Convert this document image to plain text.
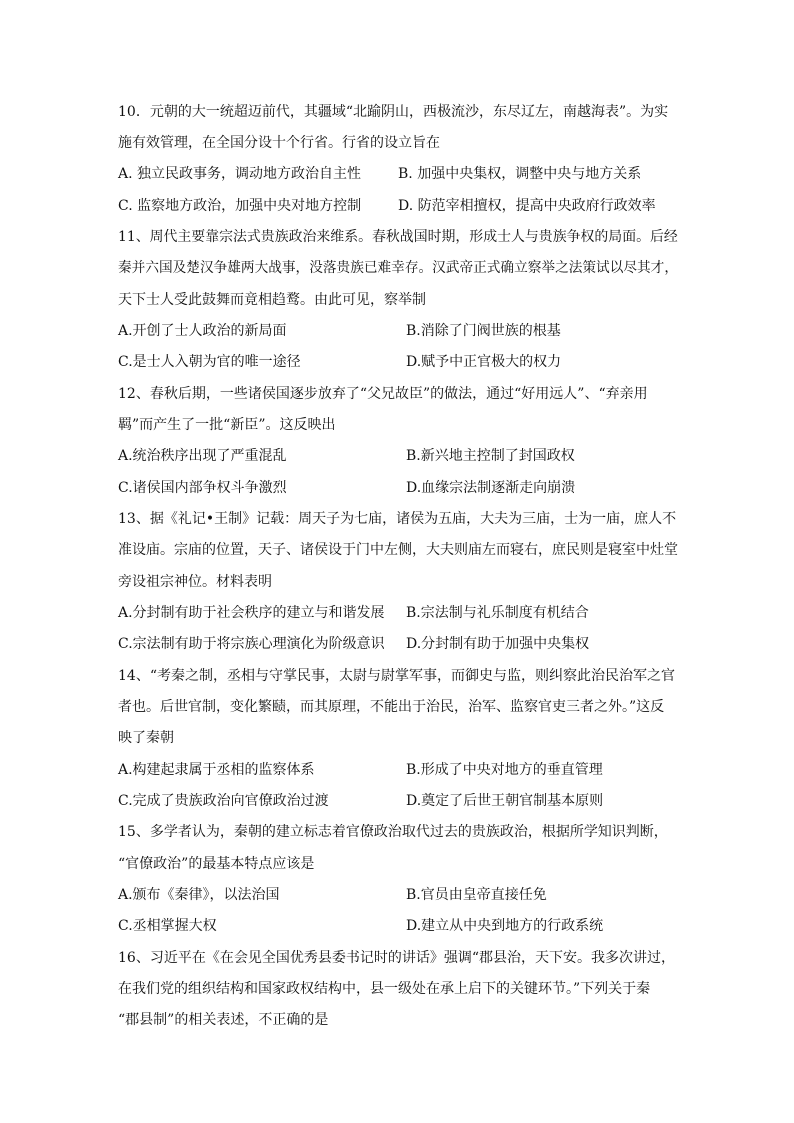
10．元朝的大一统超迈前代，其疆域“北踰阴山，西极流沙，东尽辽左，南越海表”。为实
施有效管理，在全国分设十个行省。行省的设立旨在
A. 独立民政事务，调动地方政治自主性	B. 加强中央集权，调整中央与地方关系
C. 监察地方政治，加强中央对地方控制	D. 防范宰相擅权，提高中央政府行政效率
11、周代主要靠宗法式贵族政治来维系。春秋战国时期，形成士人与贵族争权的局面。后经
秦并六国及楚汉争雄两大战事，没落贵族已难幸存。汉武帝正式确立察举之法策试以尽其才，
天下士人受此鼓舞而竟相趋鹜。由此可见，察举制
A.开创了士人政治的新局面	B.消除了门阀世族的根基
C.是士人入朝为官的唯一途径	D.赋予中正官极大的权力
12、春秋后期，一些诸侯国逐步放弃了“父兄故臣”的做法，通过“好用远人”、“弃亲用
羁”而产生了一批“新臣”。这反映出
A.统治秩序出现了严重混乱	B.新兴地主控制了封国政权
C.诸侯国内部争权斗争激烈	D.血缘宗法制逐渐走向崩溃
13、据《礼记•王制》记载：周天子为七庙，诸侯为五庙，大夫为三庙，士为一庙，庶人不
准设庙。宗庙的位置，天子、诸侯设于门中左侧，大夫则庙左而寝右，庶民则是寝室中灶堂
旁设祖宗神位。材料表明
A.分封制有助于社会秩序的建立与和谐发展 B.宗法制与礼乐制度有机结合
C.宗法制有助于将宗族心理演化为阶级意识 D.分封制有助于加强中央集权
14、“考秦之制，丞相与守掌民事，太尉与尉掌军事，而御史与监，则纠察此治民治军之官
者也。后世官制，变化繁赜，而其原理，不能出于治民，治军、监察官吏三者之外。”这反
映了秦朝
A.构建起隶属于丞相的监察体系	B.形成了中央对地方的垂直管理
C.完成了贵族政治向官僚政治过渡	D.奠定了后世王朝官制基本原则
15、多学者认为，秦朝的建立标志着官僚政治取代过去的贵族政治，根据所学知识判断，
“官僚政治”的最基本特点应该是
A.颁布《秦律》，以法治国	B.官员由皇帝直接任免
C.丞相掌握大权	D.建立从中央到地方的行政系统
16、习近平在《在会见全国优秀县委书记时的讲话》强调“郡县治，天下安。我多次讲过，
在我们党的组织结构和国家政权结构中，县一级处在承上启下的关键环节。”下列关于秦
“郡县制”的相关表述，不正确的是
